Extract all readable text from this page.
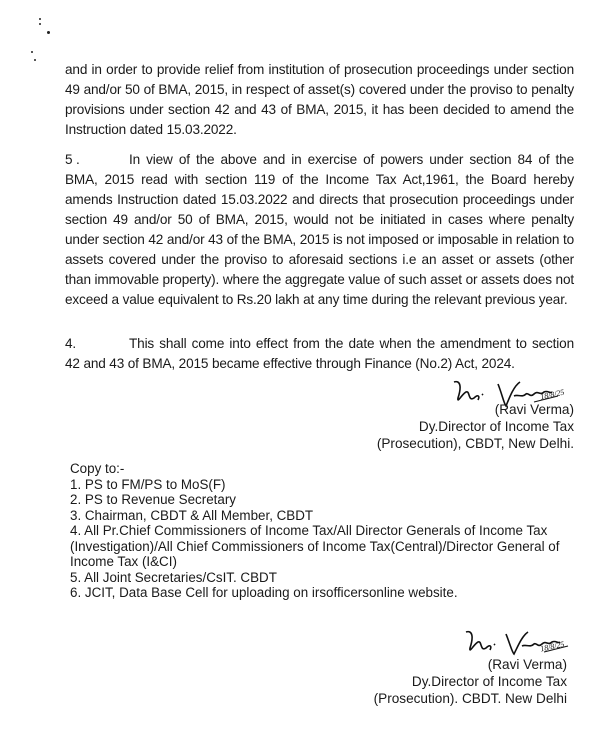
and in order to provide relief from institution of prosecution proceedings under section 49 and/or 50 of BMA, 2015, in respect of asset(s) covered under the proviso to penalty provisions under section 42 and 43 of BMA, 2015, it has been decided to amend the Instruction dated 15.03.2022.

5 .	In view of the above and in exercise of powers under section 84 of the BMA, 2015 read with section 119 of the Income Tax Act,1961, the Board hereby amends Instruction dated 15.03.2022 and directs that prosecution proceedings under section 49 and/or 50 of BMA, 2015, would not be initiated in cases where penalty under section 42 and/or 43 of the BMA, 2015 is not imposed or imposable in relation to assets covered under the proviso to aforesaid sections i.e an asset or assets (other than immovable property). where the aggregate value of such asset or assets does not exceed a value equivalent to Rs.20 lakh at any time during the relevant previous year.

4.	This shall come into effect from the date when the amendment to section 42 and 43 of BMA, 2015 became effective through Finance (No.2) Act, 2024.

18/8/25
(Ravi Verma)
Dy.Director of Income Tax
(Prosecution), CBDT, New Delhi.
Copy to:-
1. PS to FM/PS to MoS(F)
2. PS to Revenue Secretary
3. Chairman, CBDT & All Member, CBDT
4. All Pr.Chief Commissioners of Income Tax/All Director Generals of Income Tax (Investigation)/All Chief Commissioners of Income Tax(Central)/Director General of Income Tax (I&CI)
5. All Joint Secretaries/CsIT. CBDT
6. JCIT, Data Base Cell for uploading on irsofficersonline website.
18/8/25
(Ravi Verma)
Dy.Director of Income Tax
(Prosecution). CBDT. New Delhi
